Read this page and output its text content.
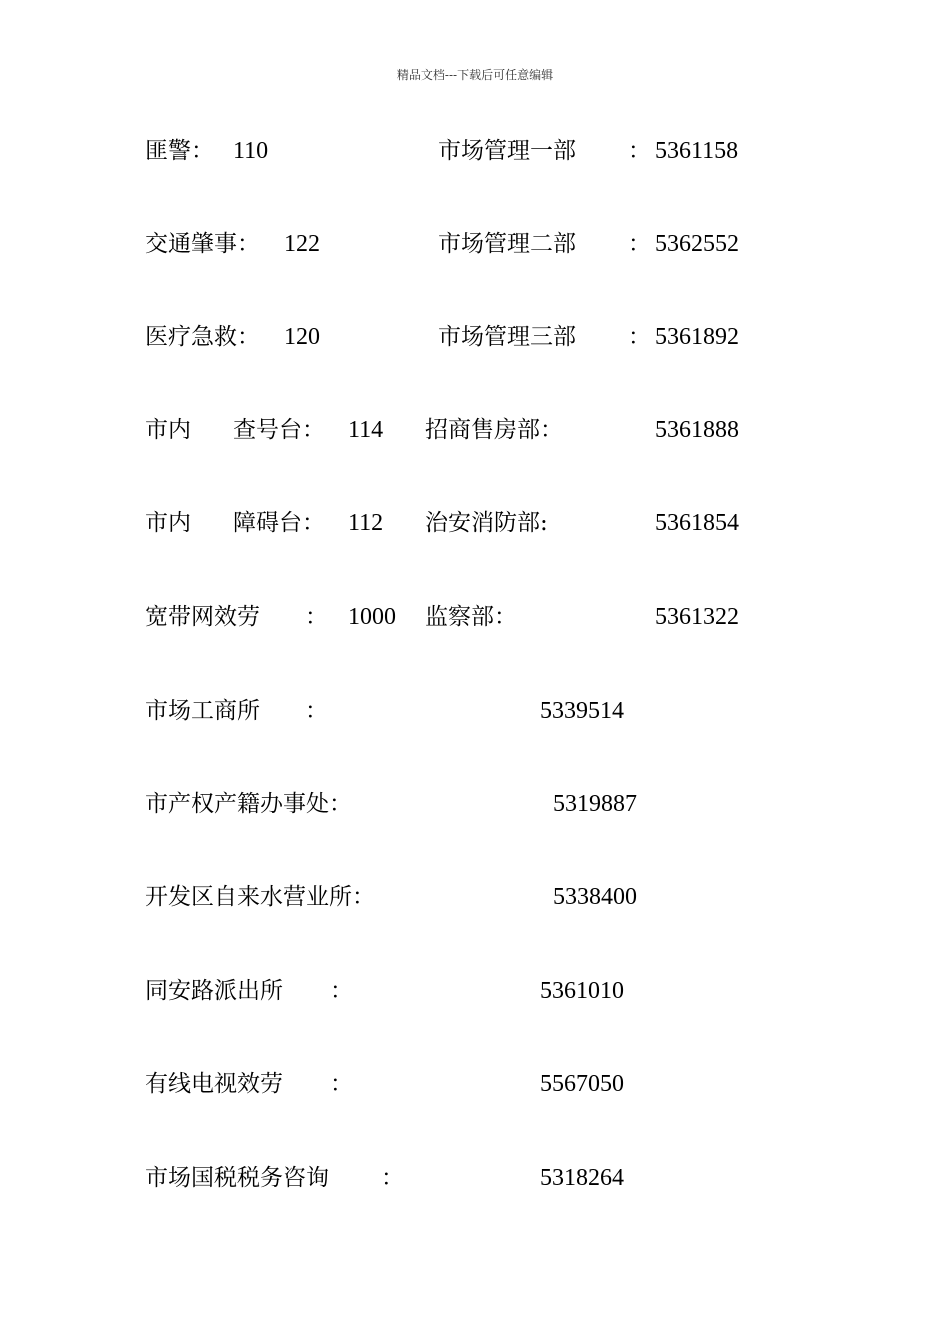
精品文档---下载后可任意编辑
匪警： 110	市场管理一部 ： 5361158
交通肇事： 122	市场管理二部 ： 5362552
医疗急救： 120	市场管理三部 ： 5361892
市内 查号台： 114 招商售房部：	5361888
市内 障碍台： 112 治安消防部:	5361854
宽带网效劳 ： 1000 监察部：	5361322
市场工商所 ：	5339514
市产权产籍办事处：	5319887
开发区自来水营业所：	5338400
同安路派出所 ：	5361010
有线电视效劳 ：	5567050
市场国税税务咨询 ：	5318264
